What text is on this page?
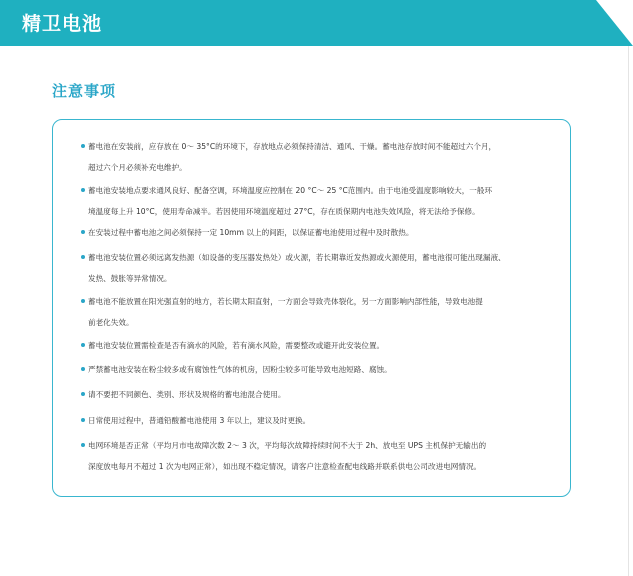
精卫电池
注意事项
蓄电池在安装前，应存放在 0～ 35°C的环境下，存放地点必须保持清洁、通风、干燥。蓄电池存放时间不能超过六个月，
超过六个月必须补充电维护。
蓄电池安装地点要求通风良好、配备空调，环境温度应控制在 20 °C～ 25 °C范围内。由于电池受温度影响较大，一般环
境温度每上升 10°C，使用寿命减半。若因使用环境温度超过 27°C，存在质保期内电池失效风险，将无法给予保修。
在安装过程中蓄电池之间必须保持一定 10mm 以上的间距，以保证蓄电池使用过程中及时散热。
蓄电池安装位置必须远离发热源（如设备的变压器发热处）或火源，若长期靠近发热源或火源使用，蓄电池很可能出现漏液、
发热、鼓胀等异常情况。
蓄电池不能放置在阳光强直射的地方，若长期太阳直射，一方面会导致壳体裂化，另一方面影响内部性能，导致电池提
前老化失效。
蓄电池安装位置需检查是否有滴水的风险，若有滴水风险，需要整改或避开此安装位置。
严禁蓄电池安装在粉尘较多或有腐蚀性气体的机房，因粉尘较多可能导致电池短路、腐蚀。
请不要把不同颜色、类别、形状及规格的蓄电池混合使用。
日常使用过程中，普通铅酸蓄电池使用 3 年以上，建议及时更换。
电网环境是否正常（平均月市电故障次数 2～ 3 次，平均每次故障持续时间不大于 2h、放电至 UPS 主机保护无输出的
深度放电每月不超过 1 次为电网正常），如出现不稳定情况，请客户注意检查配电线路并联系供电公司改进电网情况。
